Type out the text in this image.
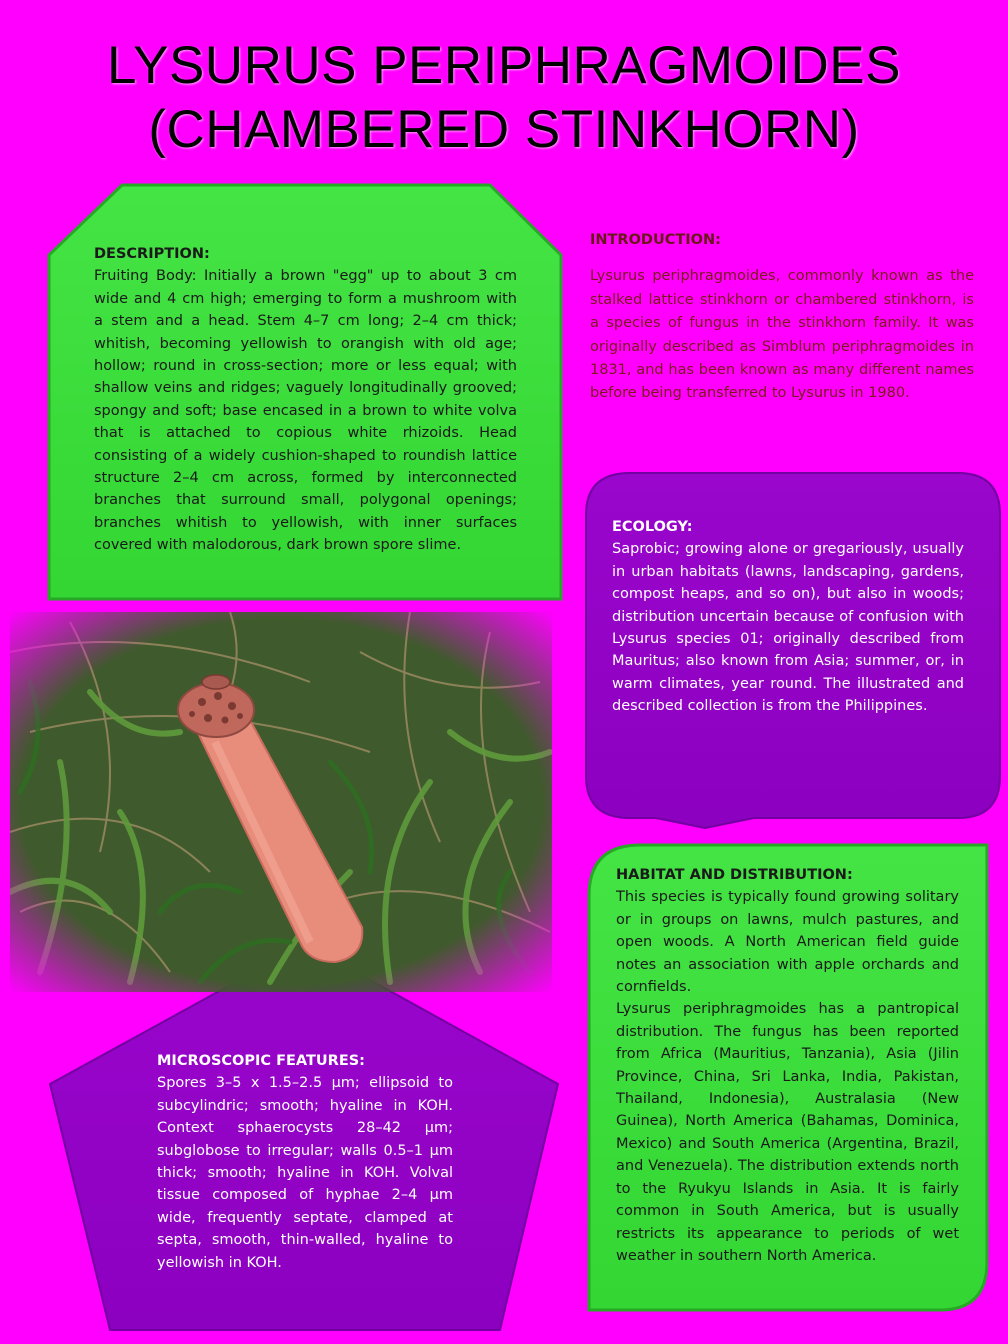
LYSURUS PERIPHRAGMOIDES
(CHAMBERED STINKHORN)
DESCRIPTION:
Fruiting Body: Initially a brown "egg" up to about 3 cm wide and 4 cm high; emerging to form a mushroom with a stem and a head. Stem 4–7 cm long; 2–4 cm thick; whitish, becoming yellowish to orangish with old age; hollow; round in cross-section; more or less equal; with shallow veins and ridges; vaguely longitudinally grooved; spongy and soft; base encased in a brown to white volva that is attached to copious white rhizoids. Head consisting of a widely cushion-shaped to roundish lattice structure 2–4 cm across, formed by interconnected branches that surround small, polygonal openings; branches whitish to yellowish, with inner surfaces covered with malodorous, dark brown spore slime.
INTRODUCTION:
Lysurus periphragmoides, commonly known as the stalked lattice stinkhorn or chambered stinkhorn, is a species of fungus in the stinkhorn family. It was originally described as Simblum periphragmoides in 1831, and has been known as many different names before being transferred to Lysurus in 1980.
ECOLOGY:
Saprobic; growing alone or gregariously, usually in urban habitats (lawns, landscaping, gardens, compost heaps, and so on), but also in woods; distribution uncertain because of confusion with Lysurus species 01; originally described from Mauritus; also known from Asia; summer, or, in warm climates, year round. The illustrated and described collection is from the Philippines.
HABITAT AND DISTRIBUTION:
This species is typically found growing solitary or in groups on lawns, mulch pastures, and open woods. A North American field guide notes an association with apple orchards and cornfields.
Lysurus periphragmoides has a pantropical distribution. The fungus has been reported from Africa (Mauritius, Tanzania), Asia (Jilin Province, China, Sri Lanka, India, Pakistan, Thailand, Indonesia), Australasia (New Guinea), North America (Bahamas, Dominica, Mexico) and South America (Argentina, Brazil, and Venezuela). The distribution extends north to the Ryukyu Islands in Asia. It is fairly common in South America, but is usually restricts its appearance to periods of wet weather in southern North America.
MICROSCOPIC FEATURES:
Spores 3–5 x 1.5–2.5 µm; ellipsoid to subcylindric; smooth; hyaline in KOH. Context sphaerocysts 28–42 µm; subglobose to irregular; walls 0.5–1 µm thick; smooth; hyaline in KOH. Volval tissue composed of hyphae 2–4 µm wide, frequently septate, clamped at septa, smooth, thin-walled, hyaline to yellowish in KOH.
